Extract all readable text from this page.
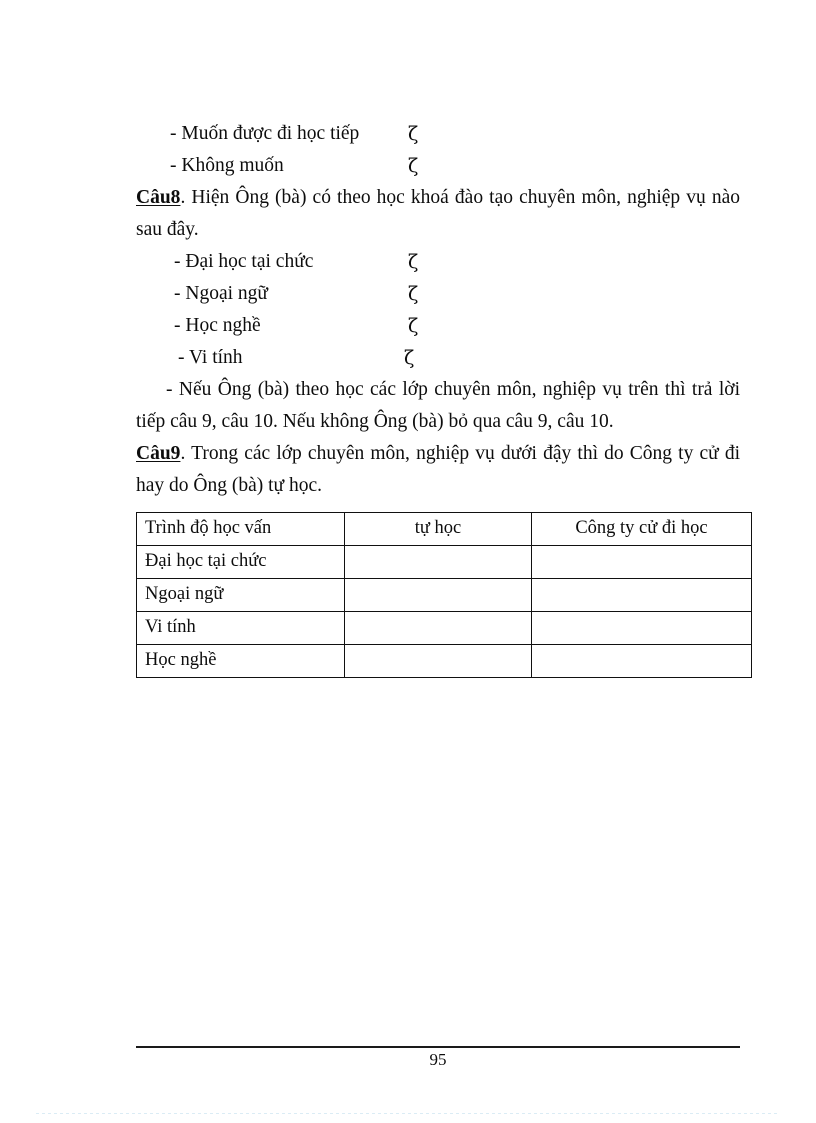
- Muốn được đi học tiếp	ζ
- Không muốn	ζ

Câu8. Hiện Ông (bà) có theo học khoá đào tạo chuyên môn, nghiệp vụ nào sau đây.

- Đại học tại chức	ζ
- Ngoại ngữ	ζ
- Học nghề	ζ
- Vi tính	ζ

- Nếu Ông (bà) theo học các lớp chuyên môn, nghiệp vụ trên thì trả lời tiếp câu 9, câu 10. Nếu không Ông (bà) bỏ qua câu 9, câu 10.

Câu9. Trong các lớp chuyên môn, nghiệp vụ dưới đậy thì do Công ty cử đi hay do Ông (bà) tự học.

Trình độ học vấn	tự học	Công ty cử đi học
Đại học tại chức		
Ngoại ngữ		
Vi tính		
Học nghề		
95
